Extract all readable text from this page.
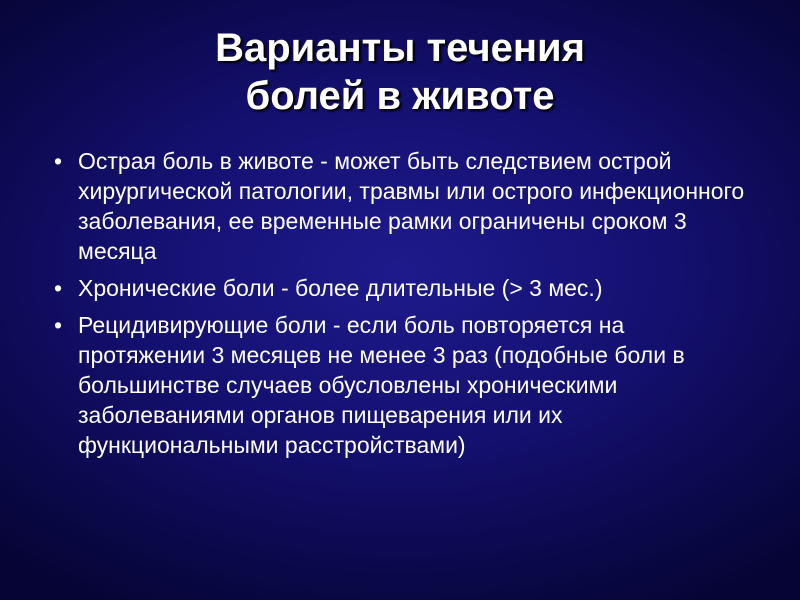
Варианты течения
болей в животе
• Острая боль в животе - может быть следствием острой хирургической патологии, травмы или острого инфекционного заболевания, ее временные рамки ограничены сроком 3 месяца
• Хронические боли - более длительные (> 3 мес.)
• Рецидивирующие боли - если боль повторяется на протяжении 3 месяцев не менее 3 раз (подобные боли в большинстве случаев обусловлены хроническими заболеваниями органов пищеварения или их функциональными расстройствами)
